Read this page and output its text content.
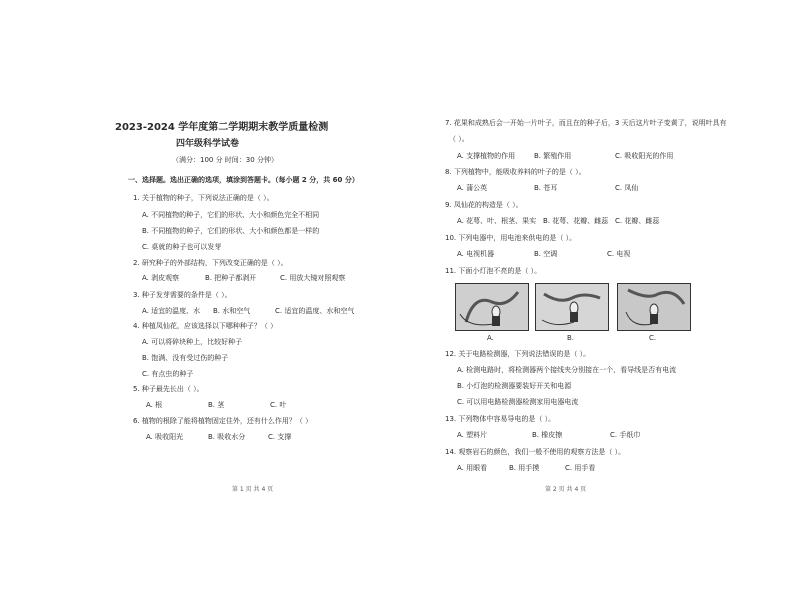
2023-2024 学年度第二学期期末教学质量检测
四年级科学试卷
（满分：100 分 时间：30 分钟）
一、选择题。选出正确的选项，填涂到答题卡。（每小题 2 分，共 60 分）
1. 关于植物的种子，下列说法正确的是（ ）。
A. 不同植物的种子，它们的形状、大小和颜色完全不相同
B. 不同植物的种子，它们的形状、大小和颜色都是一样的
C. 桌就的种子也可以发芽
2. 研究种子的外部结构，下列改变正确的是（ ）。
A. 剥皮观察	B. 把种子都剥开	C. 用放大镜对照观察
3. 种子发芽需要的条件是（ ）。
A. 适宜的温度、水 B. 水和空气	C. 适宜的温度、水和空气
4. 种植凤仙花，应该选择以下哪种种子？（ ）
A. 可以将碎块种上，比较好种子
B. 饱满、没有受过伤的种子
C. 有点虫的种子
5. 种子最先长出（ ）。
A. 根	B. 茎	C. 叶
6. 植物的根除了能将植物固定住外，还有什么作用？（ ）
A. 吸收阳光	B. 吸收水分	C. 支撑
第 1 页 共 4 页
7. 花果和成熟后会一开始一片叶子，而且在的种子后，3 天后这片叶子变黄了，说明叶具有
（ ）。
A. 支撑植物的作用	B. 繁殖作用	C. 吸收阳光的作用
8. 下列植物中，能吸收养料的叶子的是（ ）。
A. 蒲公英	B. 苍耳	C. 凤仙
9. 凤仙花的构造是（ ）。
A. 花萼、叶、根茎、果实 B. 花萼、花瓣、雌蕊 C. 花瓣、雌蕊
10. 下列电器中，用电池来供电的是（ ）。
A. 电视机器	B. 空调	C. 电视
11. 下面小灯泡不亮的是（ ）。
A.	B.	C.
12. 关于电路检测器，下列说法错误的是（ ）。
A. 检测电路时，将检测器两个接线夹分别接在一个，看导线是否有电流
B. 小灯泡的检测器要装好开关和电源
C. 可以用电路检测器检测家用电器电流
13. 下列物体中容易导电的是（ ）。
A. 塑料片	B. 橡皮擦	C. 手纸巾
14. 观察岩石的颜色，我们一般不使用的观察方法是（ ）。
A. 用眼看	B. 用手摸	C. 用手看
第 2 页 共 4 页
